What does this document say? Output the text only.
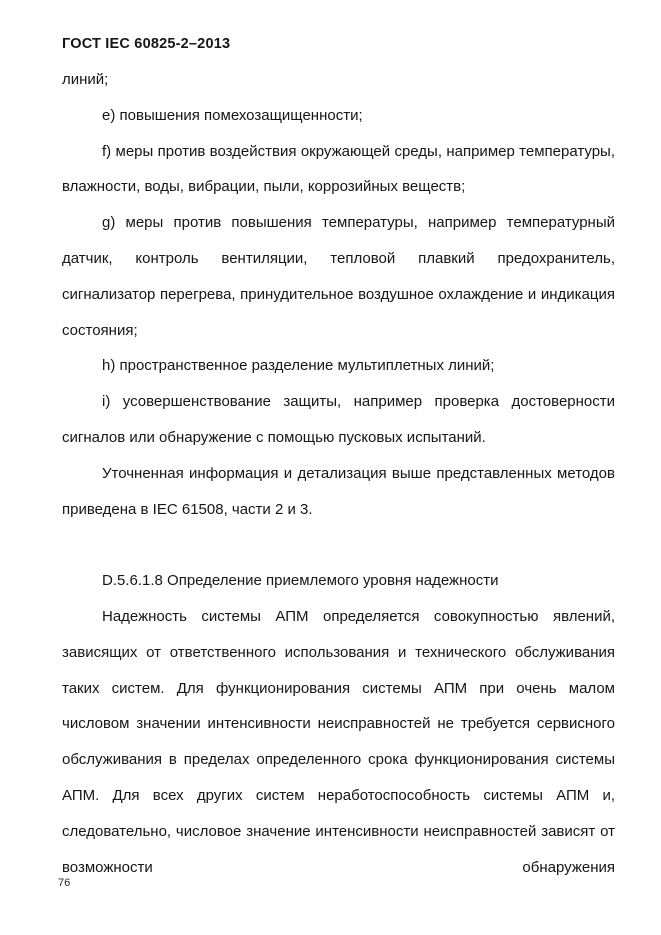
ГОСТ IEC 60825-2–2013

линий;

e) повышения помехозащищенности;

f) меры против воздействия окружающей среды, например температуры, влажности, воды, вибрации, пыли, коррозийных веществ;

g) меры против повышения температуры, например температурный датчик, контроль вентиляции, тепловой плавкий предохранитель, сигнализатор перегрева, принудительное воздушное охлаждение и индикация состояния;

h) пространственное разделение мультиплетных линий;

i) усовершенствование защиты, например проверка достоверности сигналов или обнаружение с помощью пусковых испытаний.

Уточненная информация и детализация выше представленных методов приведена в IEC 61508, части 2 и 3.

D.5.6.1.8 Определение приемлемого уровня надежности

Надежность системы АПМ определяется совокупностью явлений, зависящих от ответственного использования и технического обслуживания таких систем. Для функционирования системы АПМ при очень малом числовом значении интенсивности неисправностей не требуется сервисного обслуживания в пределах определенного срока функционирования системы АПМ. Для всех других систем неработоспособность системы АПМ и, следовательно, числовое значение интенсивности неисправностей зависят от возможности обнаружения

76
